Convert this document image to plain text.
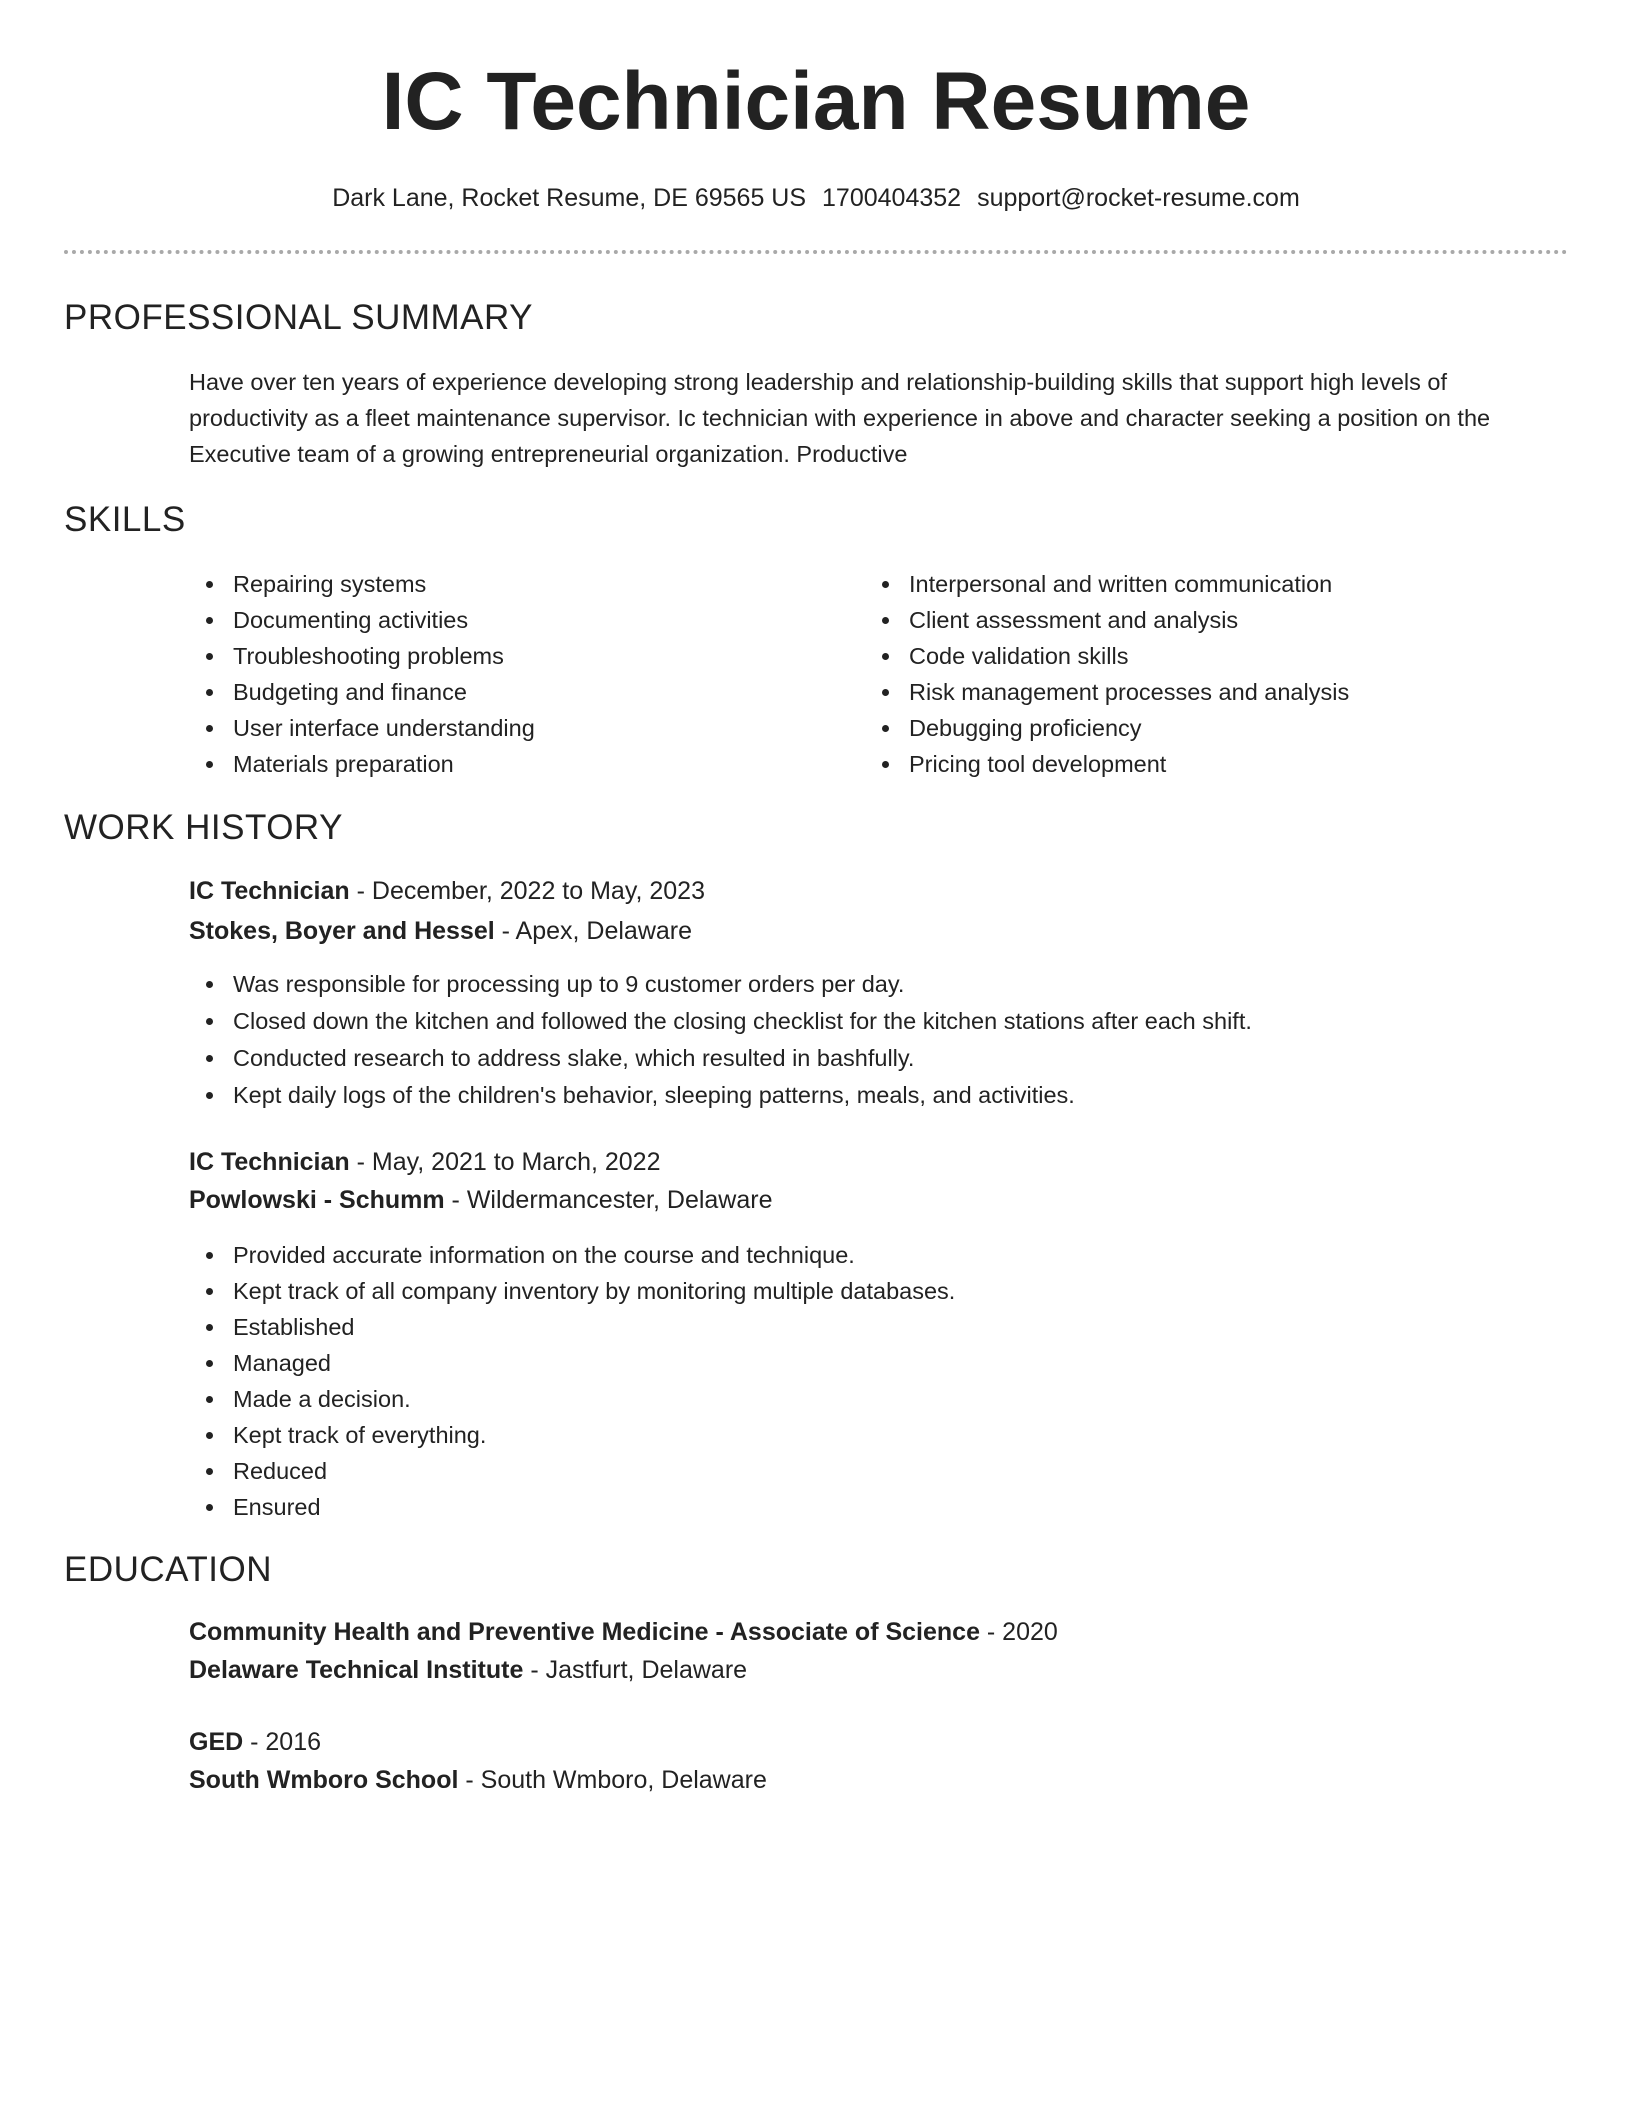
IC Technician Resume
Dark Lane, Rocket Resume, DE 69565 US 1700404352 support@rocket-resume.com
PROFESSIONAL SUMMARY

Have over ten years of experience developing strong leadership and relationship-building skills that support high levels of productivity as a fleet maintenance supervisor. Ic technician with experience in above and character seeking a position on the Executive team of a growing entrepreneurial organization. Productive

SKILLS
Repairing systems
Documenting activities
Troubleshooting problems
Budgeting and finance
User interface understanding
Materials preparation
Interpersonal and written communication
Client assessment and analysis
Code validation skills
Risk management processes and analysis
Debugging proficiency
Pricing tool development
WORK HISTORY
IC Technician - December, 2022 to May, 2023
Stokes, Boyer and Hessel - Apex, Delaware
Was responsible for processing up to 9 customer orders per day.
Closed down the kitchen and followed the closing checklist for the kitchen stations after each shift.
Conducted research to address slake, which resulted in bashfully.
Kept daily logs of the children's behavior, sleeping patterns, meals, and activities.
IC Technician - May, 2021 to March, 2022
Powlowski - Schumm - Wildermancester, Delaware
Provided accurate information on the course and technique.
Kept track of all company inventory by monitoring multiple databases.
Established
Managed
Made a decision.
Kept track of everything.
Reduced
Ensured
EDUCATION
Community Health and Preventive Medicine - Associate of Science - 2020
Delaware Technical Institute - Jastfurt, Delaware
GED - 2016
South Wmboro School - South Wmboro, Delaware
